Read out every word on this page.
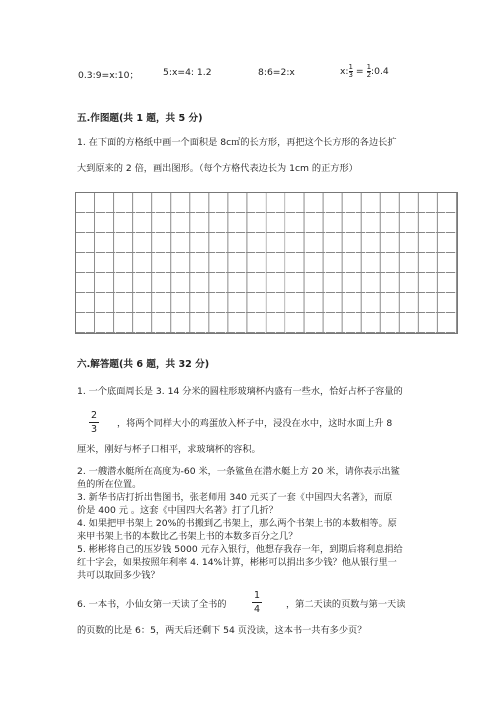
0.3:9=x:10；	5:x=4: 1.2	8:6=2:x	$x:\frac{1}{3}$ = $\frac{1}{2}:0.4$
五.作图题(共 1 题，共 5 分)
1. 在下面的方格纸中画一个面积是 8c㎡的长方形，再把这个长方形的各边长扩
大到原来的 2 倍，画出图形。（每个方格代表边长为 1cm 的正方形）
六.解答题(共 6 题，共 32 分)
1. 一个底面周长是 3. 14 分米的圆柱形玻璃杯内盛有一些水，恰好占杯子容量的
2
3
，将两个同样大小的鸡蛋放入杯子中，浸没在水中，这时水面上升 8
厘米，刚好与杯子口相平，求玻璃杯的容积。
2. 一艘潜水艇所在高度为-60 米，一条鲨鱼在潜水艇上方 20 米，请你表示出鲨
鱼的所在位置。
3. 新华书店打折出售图书，张老师用 340 元买了一套《中国四大名著》，而原
价是 400 元 。这套《中国四大名著》打了几折？
4. 如果把甲书架上 20%的书搬到乙书架上，那么两个书架上书的本数相等。原
来甲书架上书的本数比乙书架上书的本数多百分之几？
5. 彬彬将自己的压岁钱 5000 元存入银行，他想存我存一年，到期后将利息捐给
红十字会，如果按照年利率 4. 14%计算，彬彬可以捐出多少钱？他从银行里一
共可以取回多少钱？
6. 一本书，小仙女第一天读了全书的
1
4	，第二天读的页数与第一天读
的页数的比是 6：5，两天后还剩下 54 页没读，这本书一共有多少页？
